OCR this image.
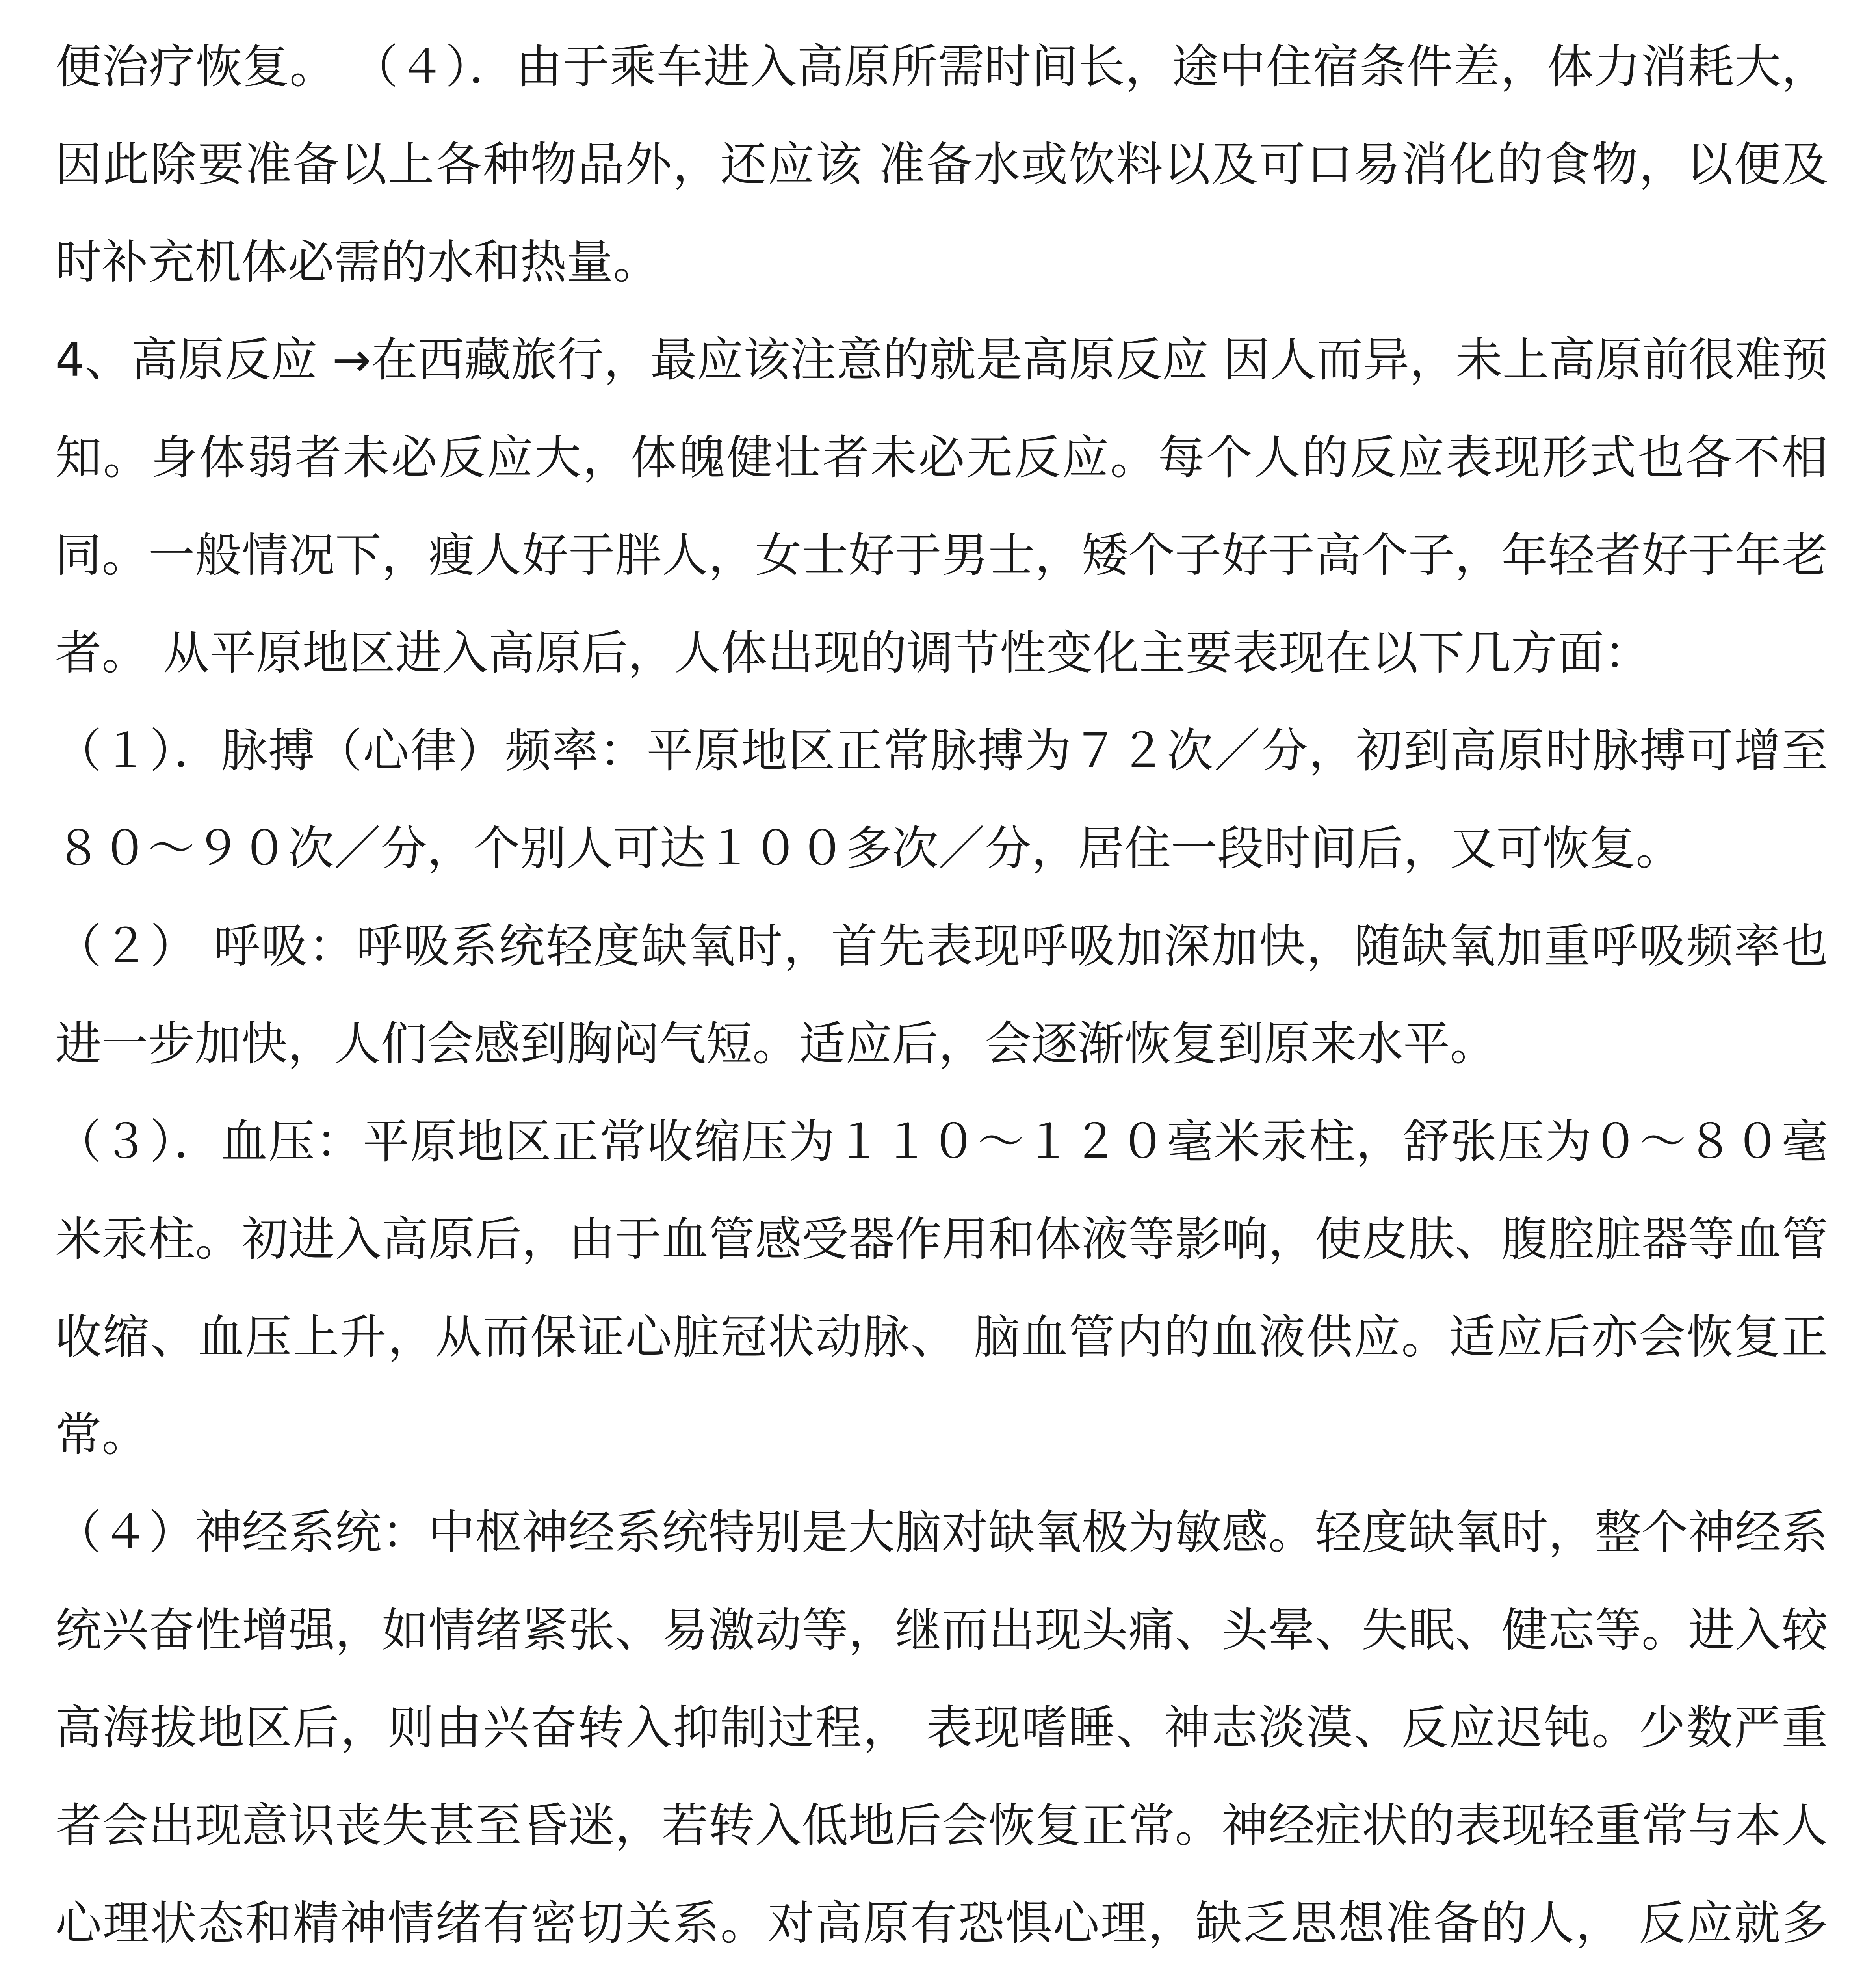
便治疗恢复。 （４）．由于乘车进入高原所需时间长，途中住宿条件差，体力消耗大，因此除要准备以上各种物品外，还应该 准备水或饮料以及可口易消化的食物，以便及时补充机体必需的水和热量。

4、高原反应 →在西藏旅行，最应该注意的就是高原反应 因人而异，未上高原前很难预知。身体弱者未必反应大，体魄健壮者未必无反应。每个人的反应表现形式也各不相同。一般情况下，瘦人好于胖人，女士好于男士，矮个子好于高个子，年轻者好于年老者。 从平原地区进入高原后，人体出现的调节性变化主要表现在以下几方面：

（１）．脉搏（心律）频率：平原地区正常脉搏为７２次／分，初到高原时脉搏可增至８０～９０次／分，个别人可达１００多次／分，居住一段时间后，又可恢复。

（２） 呼吸：呼吸系统轻度缺氧时，首先表现呼吸加深加快，随缺氧加重呼吸频率也进一步加快，人们会感到胸闷气短。适应后，会逐渐恢复到原来水平。

（３）．血压：平原地区正常收缩压为１１０～１２０毫米汞柱，舒张压为０～８０毫米汞柱。初进入高原后，由于血管感受器作用和体液等影响，使皮肤、腹腔脏器等血管收缩、血压上升，从而保证心脏冠状动脉、 脑血管内的血液供应。适应后亦会恢复正常。

（４）神经系统：中枢神经系统特别是大脑对缺氧极为敏感。轻度缺氧时，整个神经系统兴奋性增强，如情绪紧张、易激动等，继而出现头痛、头晕、失眠、健忘等。进入较高海拔地区后，则由兴奋转入抑制过程， 表现嗜睡、神志淡漠、反应迟钝。少数严重者会出现意识丧失甚至昏迷，若转入低地后会恢复正常。神经症状的表现轻重常与本人心理状态和精神情绪有密切关系。对高原有恐惧心理，缺乏思想准备的人， 反应就多
